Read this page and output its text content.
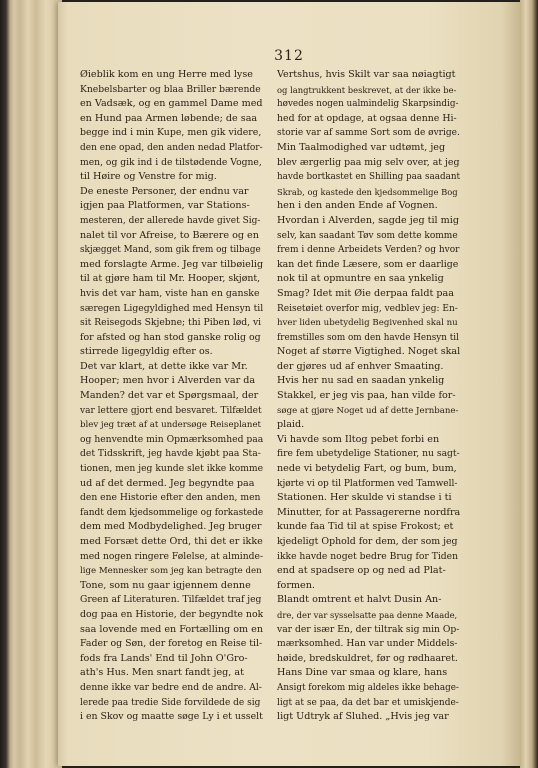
312
Øieblik kom en ung Herre med lyse
Knebelsbarter og blaa Briller bærende
en Vadsæk, og en gammel Dame med
en Hund paa Armen løbende; de saa
begge ind i min Kupe, men gik videre,
den ene opad, den anden nedad Platfor-
men, og gik ind i de tilstødende Vogne,
til Høire og Venstre for mig.
De eneste Personer, der endnu var
igjen paa Platformen, var Stations-
mesteren, der allerede havde givet Sig-
nalet til vor Afreise, to Bærere og en
skjægget Mand, som gik frem og tilbage
med forslagte Arme. Jeg var tilbøielig
til at gjøre ham til Mr. Hooper, skjønt,
hvis det var ham, viste han en ganske
særegen Ligegyldighed med Hensyn til
sit Reisegods Skjebne; thi Piben lød, vi
for afsted og han stod ganske rolig og
stirrede ligegyldig efter os.
Det var klart, at dette ikke var Mr.
Hooper; men hvor i Alverden var da
Manden? det var et Spørgsmaal, der
var lettere gjort end besvaret. Tilfældet
blev jeg træt af at undersøge Reiseplanet
og henvendte min Opmærksomhed paa
det Tidsskrift, jeg havde kjøbt paa Sta-
tionen, men jeg kunde slet ikke komme
ud af det dermed. Jeg begyndte paa
den ene Historie efter den anden, men
fandt dem kjedsommelige og forkastede
dem med Modbydelighed. Jeg bruger
med Forsæt dette Ord, thi det er ikke
med nogen ringere Følelse, at alminde-
lige Mennesker som jeg kan betragte den
Tone, som nu gaar igjennem denne
Green af Literaturen. Tilfældet traf jeg
dog paa en Historie, der begyndte nok
saa lovende med en Fortælling om en
Fader og Søn, der foretog en Reise til-
fods fra Lands' End til John O'Gro-
ath's Hus. Men snart fandt jeg, at
denne ikke var bedre end de andre. Al-
lerede paa tredie Side forvildede de sig
i en Skov og maatte søge Ly i et usselt
Vertshus, hvis Skilt var saa nøiagtigt
og langtrukkent beskrevet, at der ikke be-
høvedes nogen ualmindelig Skarpsindig-
hed for at opdage, at ogsaa denne Hi-
storie var af samme Sort som de øvrige.
Min Taalmodighed var udtømt, jeg
blev ærgerlig paa mig selv over, at jeg
havde bortkastet en Shilling paa saadant
Skrab, og kastede den kjedsommelige Bog
hen i den anden Ende af Vognen.
Hvordan i Alverden, sagde jeg til mig
selv, kan saadant Tøv som dette komme
frem i denne Arbeidets Verden? og hvor
kan det finde Læsere, som er daarlige
nok til at opmuntre en saa ynkelig
Smag? Idet mit Øie derpaa faldt paa
Reisetøiet overfor mig, vedblev jeg: En-
hver liden ubetydelig Begivenhed skal nu
fremstilles som om den havde Hensyn til
Noget af større Vigtighed. Noget skal
der gjøres ud af enhver Smaating.
Hvis her nu sad en saadan ynkelig
Stakkel, er jeg vis paa, han vilde for-
søge at gjøre Noget ud af dette Jernbane-
plaid.
Vi havde som Iltog pebet forbi en
fire fem ubetydelige Stationer, nu sagt-
nede vi betydelig Fart, og bum, bum,
kjørte vi op til Platformen ved Tamwell-
Stationen. Her skulde vi standse i ti
Minutter, for at Passagererne nordfra
kunde faa Tid til at spise Frokost; et
kjedeligt Ophold for dem, der som jeg
ikke havde noget bedre Brug for Tiden
end at spadsere op og ned ad Plat-
formen.
Blandt omtrent et halvt Dusin An-
dre, der var sysselsatte paa denne Maade,
var der især En, der tiltrak sig min Op-
mærksomhed. Han var under Middels-
høide, bredskuldret, før og rødhaaret.
Hans Dine var smaa og klare, hans
Ansigt forekom mig aldeles ikke behage-
ligt at se paa, da det bar et umiskjende-
ligt Udtryk af Sluhed. „Hvis jeg var
